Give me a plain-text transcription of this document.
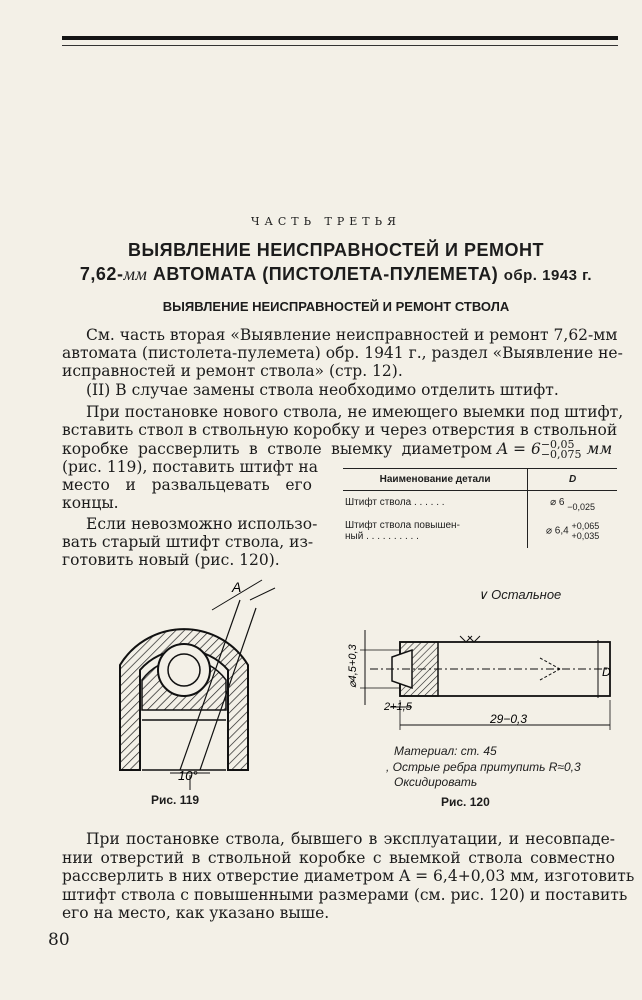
ЧАСТЬ ТРЕТЬЯ
ВЫЯВЛЕНИЕ НЕИСПРАВНОСТЕЙ И РЕМОНТ
7,62-мм АВТОМАТА (ПИСТОЛЕТА-ПУЛЕМЕТА) обр. 1943 г.
ВЫЯВЛЕНИЕ НЕИСПРАВНОСТЕЙ И РЕМОНТ СТВОЛА
См. часть вторая «Выявление неисправностей и ремонт 7,62-мм
автомата (пистолета-пулемета) обр. 1941 г., раздел «Выявление не-
исправностей и ремонт ствола» (стр. 12).
(II) В случае замены ствола необходимо отделить штифт.
При постановке нового ствола, не имеющего выемки под штифт,
вставить ствол в ствольную коробку и через отверстия в ствольной
коробке рассверлить в стволе выемку диаметром A = 6−0,05
−0,075 мм
(рис. 119), поставить штифт на
место и развальцевать его
концы.
Если невозможно использо-
вать старый штифт ствола, из-
готовить новый (рис. 120).
Наименование детали	D
Штифт ствола . . . . . .	⌀ 6 −0,025
Штифт ствола повышен-
ный . . . . . . . . . .	⌀ 6,4 +0,065
+0,035
A
10°
Рис. 119
∨ Остальное
⌀4,5+0,3	D
2+1,5
29−0,3
Материал: ст. 45
, Острые ребра притупить R≈0,3
Оксидировать
Рис. 120
При постановке ствола, бывшего в эксплуатации, и несовпаде-
нии отверстий в ствольной коробке с выемкой ствола совместно
рассверлить в них отверстие диаметром A = 6,4+0,03 мм, изготовить
штифт ствола с повышенными размерами (см. рис. 120) и поставить
его на место, как указано выше.
80
